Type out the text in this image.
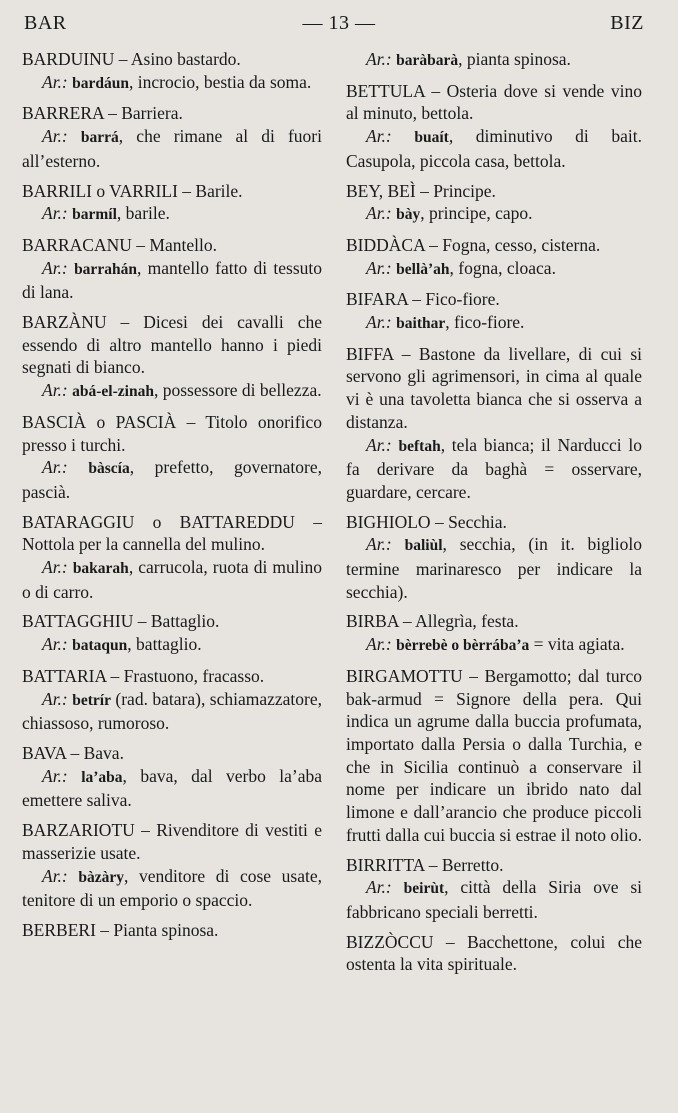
BAR	— 13 —	BIZ
BARDUINU – Asino bastardo.
Ar.: bardáun, incrocio, bestia da soma.
BARRERA – Barriera.
Ar.: barrá, che rimane al di fuori all’esterno.
BARRILI o VARRILI – Barile.
Ar.: barmíl, barile.
BARRACANU – Mantello.
Ar.: barrahán, mantello fatto di tessuto di lana.
BARZÀNU – Dicesi dei cavalli che essendo di altro mantello hanno i piedi segnati di bianco.
Ar.: abá-el-zinah, possessore di bellezza.
BASCIÀ o PASCIÀ – Titolo onorifico presso i turchi.
Ar.: bàscía, prefetto, governatore, pascià.
BATARAGGIU o BATTAREDDU – Nottola per la cannella del mulino.
Ar.: bakarah, carrucola, ruota di mulino o di carro.
BATTAGGHIU – Battaglio.
Ar.: bataqun, battaglio.
BATTARIA – Frastuono, fracasso.
Ar.: betrír (rad. batara), schiamazzatore, chiassoso, rumoroso.
BAVA – Bava.
Ar.: la’aba, bava, dal verbo la’aba emettere saliva.
BARZARIOTU – Rivenditore di vestiti e masserizie usate.
Ar.: bàzàry, venditore di cose usate, tenitore di un emporio o spaccio.
BERBERI – Pianta spinosa.
Ar.: baràbarà, pianta spinosa.
BETTULA – Osteria dove si vende vino al minuto, bettola.
Ar.: buaít, diminutivo di bait. Casupola, piccola casa, bettola.
BEY, BEÌ – Principe.
Ar.: bày, principe, capo.
BIDDÀCA – Fogna, cesso, cisterna.
Ar.: bellà’ah, fogna, cloaca.
BIFARA – Fico-fiore.
Ar.: baithar, fico-fiore.
BIFFA – Bastone da livellare, di cui si servono gli agrimensori, in cima al quale vi è una tavoletta bianca che si osserva a distanza.
Ar.: beftah, tela bianca; il Narducci lo fa derivare da baghà = osservare, guardare, cercare.
BIGHIOLO – Secchia.
Ar.: baliùl, secchia, (in it. bigliolo termine marinaresco per indicare la secchia).
BIRBA – Allegrìa, festa.
Ar.: bèrrebè o bèrrába’a = vita agiata.
BIRGAMOTTU – Bergamotto; dal turco bak-armud = Signore della pera. Qui indica un agrume dalla buccia profumata, importato dalla Persia o dalla Turchia, e che in Sicilia continuò a conservare il nome per indicare un ibrido nato dal limone e dall’arancio che produce piccoli frutti dalla cui buccia si estrae il noto olio.
BIRRITTA – Berretto.
Ar.: beirùt, città della Siria ove si fabbricano speciali berretti.
BIZZÒCCU – Bacchettone, colui che ostenta la vita spirituale.
